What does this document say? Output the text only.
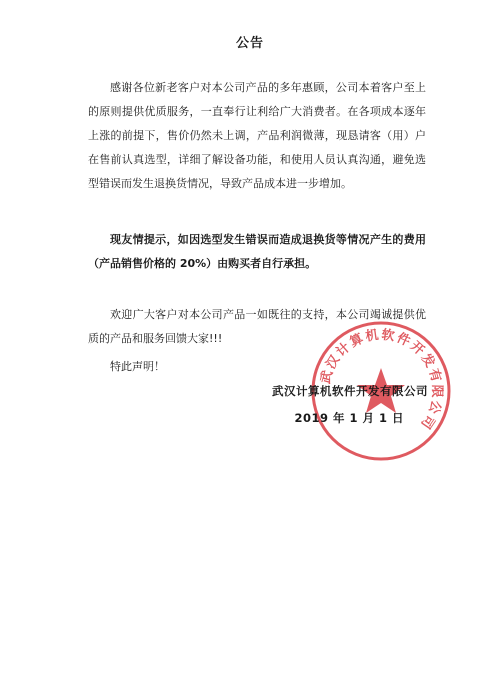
公告
感谢各位新老客户对本公司产品的多年惠顾，公司本着客户至上的原则提供优质服务，一直奉行让利给广大消费者。在各项成本逐年上涨的前提下，售价仍然未上调，产品利润微薄，现恳请客（用）户在售前认真选型，详细了解设备功能，和使用人员认真沟通，避免选型错误而发生退换货情况，导致产品成本进一步增加。
现友情提示，如因选型发生错误而造成退换货等情况产生的费用（产品销售价格的 20%）由购买者自行承担。
欢迎广大客户对本公司产品一如既往的支持，本公司竭诚提供优质的产品和服务回馈大家!!!
特此声明！
武汉计算机软件开发有限公司
武汉计算机软件开发有限公司
2019 年 1 月 1 日
